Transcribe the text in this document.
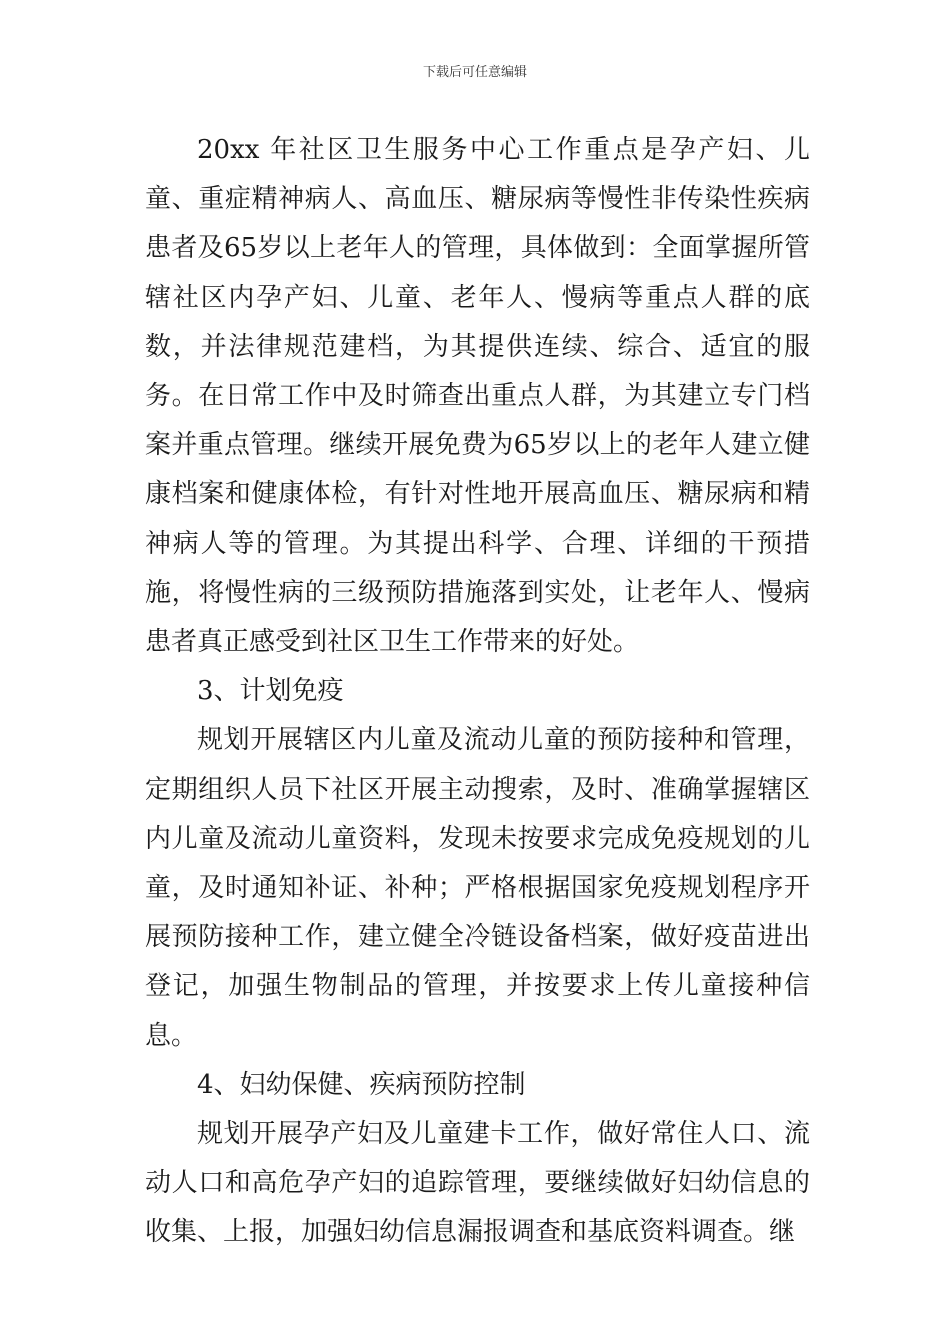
下载后可任意编辑

20xx 年社区卫生服务中心工作重点是孕产妇、儿童、重症精神病人、高血压、糖尿病等慢性非传染性疾病患者及65岁以上老年人的管理，具体做到：全面掌握所管辖社区内孕产妇、儿童、老年人、慢病等重点人群的底数，并法律规范建档，为其提供连续、综合、适宜的服务。在日常工作中及时筛查出重点人群，为其建立专门档案并重点管理。继续开展免费为65岁以上的老年人建立健康档案和健康体检，有针对性地开展高血压、糖尿病和精神病人等的管理。为其提出科学、合理、详细的干预措施，将慢性病的三级预防措施落到实处，让老年人、慢病患者真正感受到社区卫生工作带来的好处。

3、计划免疫

规划开展辖区内儿童及流动儿童的预防接种和管理，定期组织人员下社区开展主动搜索，及时、准确掌握辖区内儿童及流动儿童资料，发现未按要求完成免疫规划的儿童，及时通知补证、补种；严格根据国家免疫规划程序开展预防接种工作，建立健全冷链设备档案，做好疫苗进出登记，加强生物制品的管理，并按要求上传儿童接种信息。

4、妇幼保健、疾病预防控制

规划开展孕产妇及儿童建卡工作，做好常住人口、流动人口和高危孕产妇的追踪管理，要继续做好妇幼信息的收集、上报，加强妇幼信息漏报调查和基底资料调查。继
